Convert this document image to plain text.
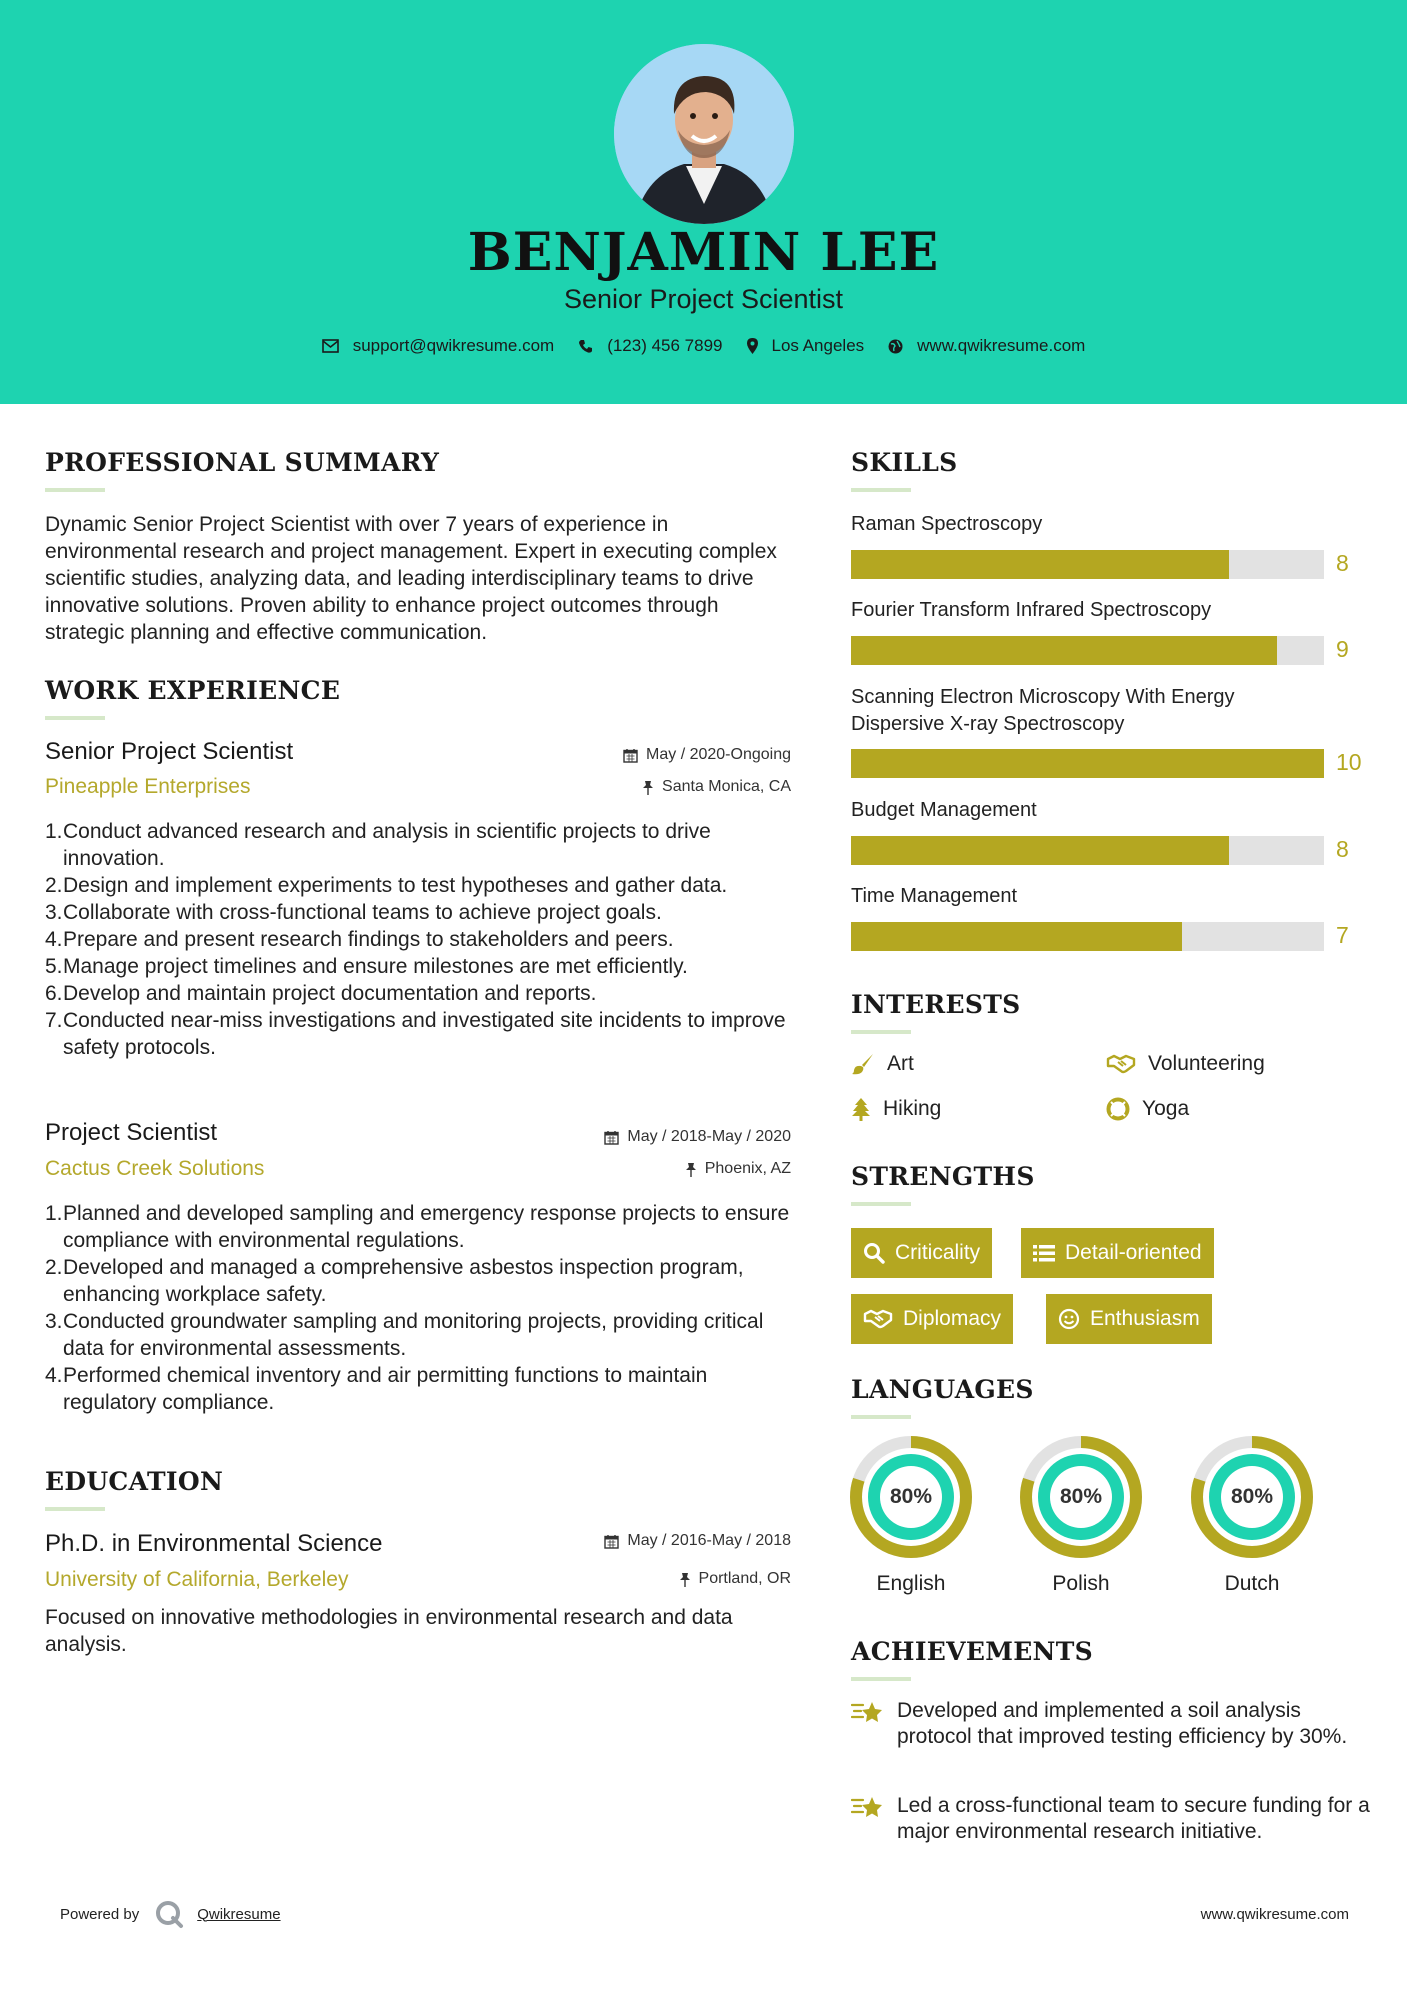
BENJAMIN LEE
Senior Project Scientist
support@qwikresume.com	(123) 456 7899	Los Angeles	www.qwikresume.com
PROFESSIONAL SUMMARY
Dynamic Senior Project Scientist with over 7 years of experience in environmental research and project management. Expert in executing complex scientific studies, analyzing data, and leading interdisciplinary teams to drive innovative solutions. Proven ability to enhance project outcomes through strategic planning and effective communication.
WORK EXPERIENCE
Senior Project Scientist
Pineapple Enterprises
May / 2020-Ongoing
Santa Monica, CA
1. Conduct advanced research and analysis in scientific projects to drive innovation.
2. Design and implement experiments to test hypotheses and gather data.
3. Collaborate with cross-functional teams to achieve project goals.
4. Prepare and present research findings to stakeholders and peers.
5. Manage project timelines and ensure milestones are met efficiently.
6. Develop and maintain project documentation and reports.
7. Conducted near-miss investigations and investigated site incidents to improve safety protocols.
Project Scientist
Cactus Creek Solutions
May / 2018-May / 2020
Phoenix, AZ
1. Planned and developed sampling and emergency response projects to ensure compliance with environmental regulations.
2. Developed and managed a comprehensive asbestos inspection program, enhancing workplace safety.
3. Conducted groundwater sampling and monitoring projects, providing critical data for environmental assessments.
4. Performed chemical inventory and air permitting functions to maintain regulatory compliance.
EDUCATION
Ph.D. in Environmental Science
University of California, Berkeley
May / 2016-May / 2018
Portland, OR
Focused on innovative methodologies in environmental research and data analysis.
SKILLS
Raman Spectroscopy
8
Fourier Transform Infrared Spectroscopy
9
Scanning Electron Microscopy With Energy Dispersive X-ray Spectroscopy
10
Budget Management
8
Time Management
7
INTERESTS
Art	Volunteering
Hiking	Yoga
STRENGTHS
Criticality	Detail-oriented
Diplomacy	Enthusiasm
LANGUAGES
80%
English
80%
Polish
80%
Dutch
ACHIEVEMENTS
Developed and implemented a soil analysis protocol that improved testing efficiency by 30%.
Led a cross-functional team to secure funding for a major environmental research initiative.
Powered by	Qwikresume	www.qwikresume.com
